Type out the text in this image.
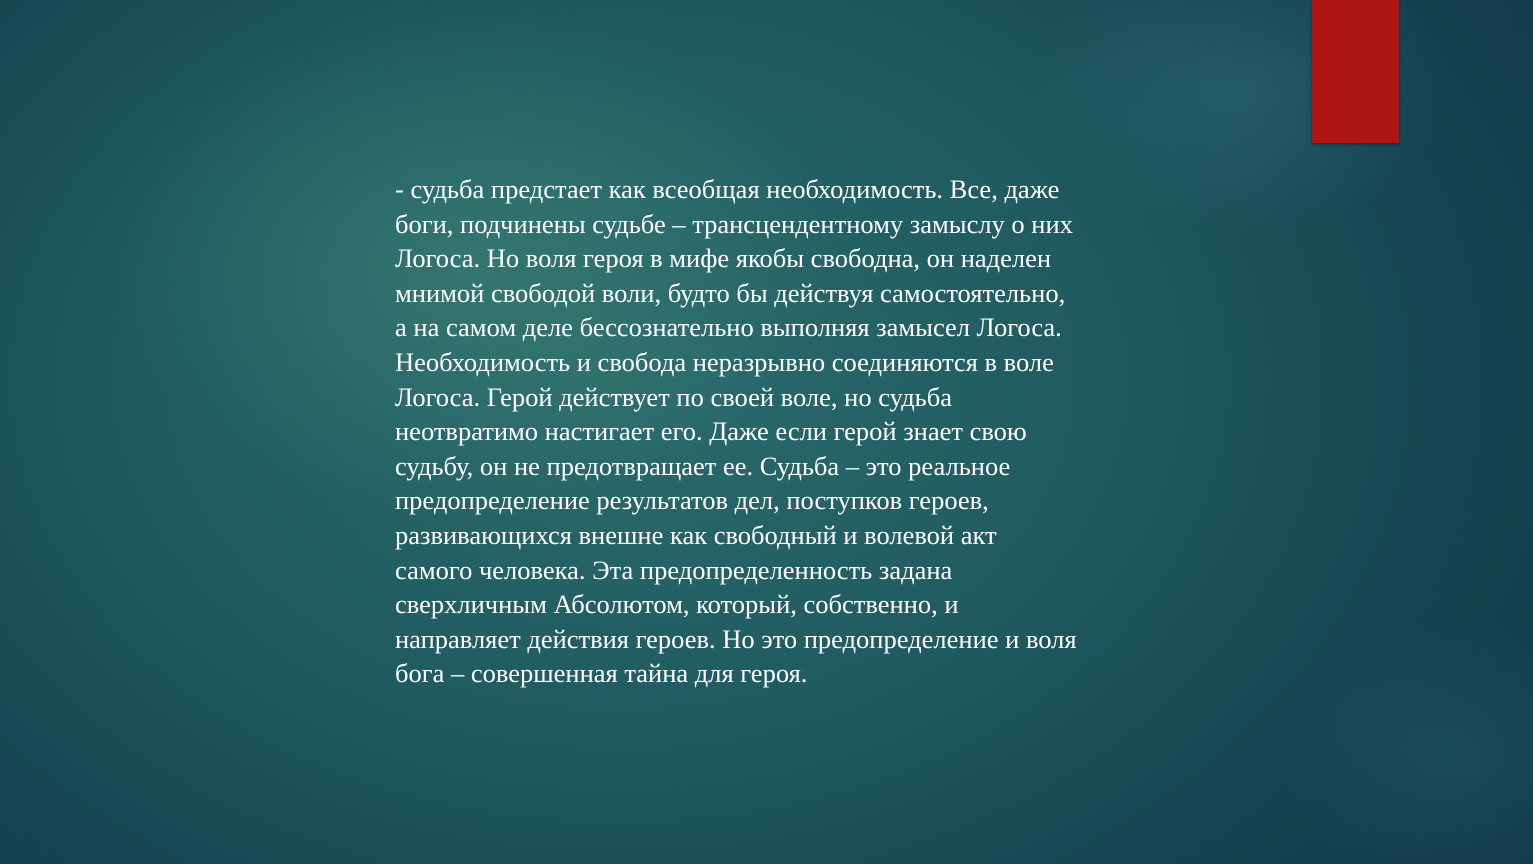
- судьба предстает как всеобщая необходимость. Все, даже
боги, подчинены судьбе – трансцендентному замыслу о них
Логоса. Но воля героя в мифе якобы свободна, он наделен
мнимой свободой воли, будто бы действуя самостоятельно,
а на самом деле бессознательно выполняя замысел Логоса.
Необходимость и свобода неразрывно соединяются в воле
Логоса. Герой действует по своей воле, но судьба
неотвратимо настигает его. Даже если герой знает свою
судьбу, он не предотвращает ее. Судьба – это реальное
предопределение результатов дел, поступков героев,
развивающихся внешне как свободный и волевой акт
самого человека. Эта предопределенность задана
сверхличным Абсолютом, который, собственно, и
направляет действия героев. Но это предопределение и воля
бога – совершенная тайна для героя.
